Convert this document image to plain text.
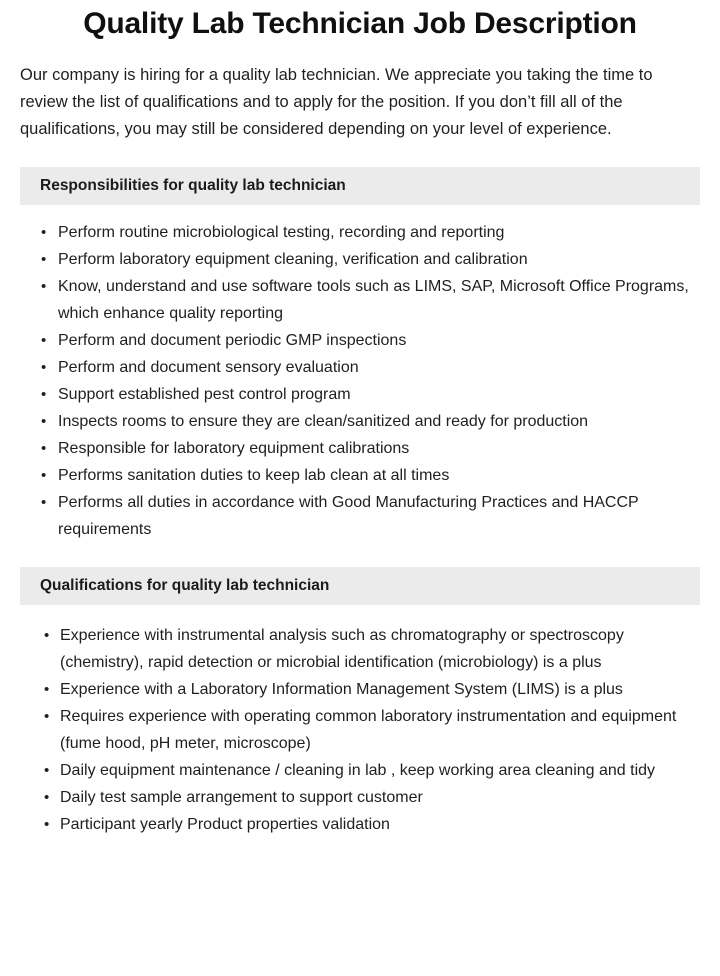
Quality Lab Technician Job Description

Our company is hiring for a quality lab technician. We appreciate you taking the time to review the list of qualifications and to apply for the position. If you don’t fill all of the qualifications, you may still be considered depending on your level of experience.

Responsibilities for quality lab technician
• Perform routine microbiological testing, recording and reporting
• Perform laboratory equipment cleaning, verification and calibration
• Know, understand and use software tools such as LIMS, SAP, Microsoft Office Programs, which enhance quality reporting
• Perform and document periodic GMP inspections
• Perform and document sensory evaluation
• Support established pest control program
• Inspects rooms to ensure they are clean/sanitized and ready for production
• Responsible for laboratory equipment calibrations
• Performs sanitation duties to keep lab clean at all times
• Performs all duties in accordance with Good Manufacturing Practices and HACCP requirements
Qualifications for quality lab technician
• Experience with instrumental analysis such as chromatography or spectroscopy (chemistry), rapid detection or microbial identification (microbiology) is a plus
• Experience with a Laboratory Information Management System (LIMS) is a plus
• Requires experience with operating common laboratory instrumentation and equipment (fume hood, pH meter, microscope)
• Daily equipment maintenance / cleaning in lab , keep working area cleaning and tidy
• Daily test sample arrangement to support customer
• Participant yearly Product properties validation
